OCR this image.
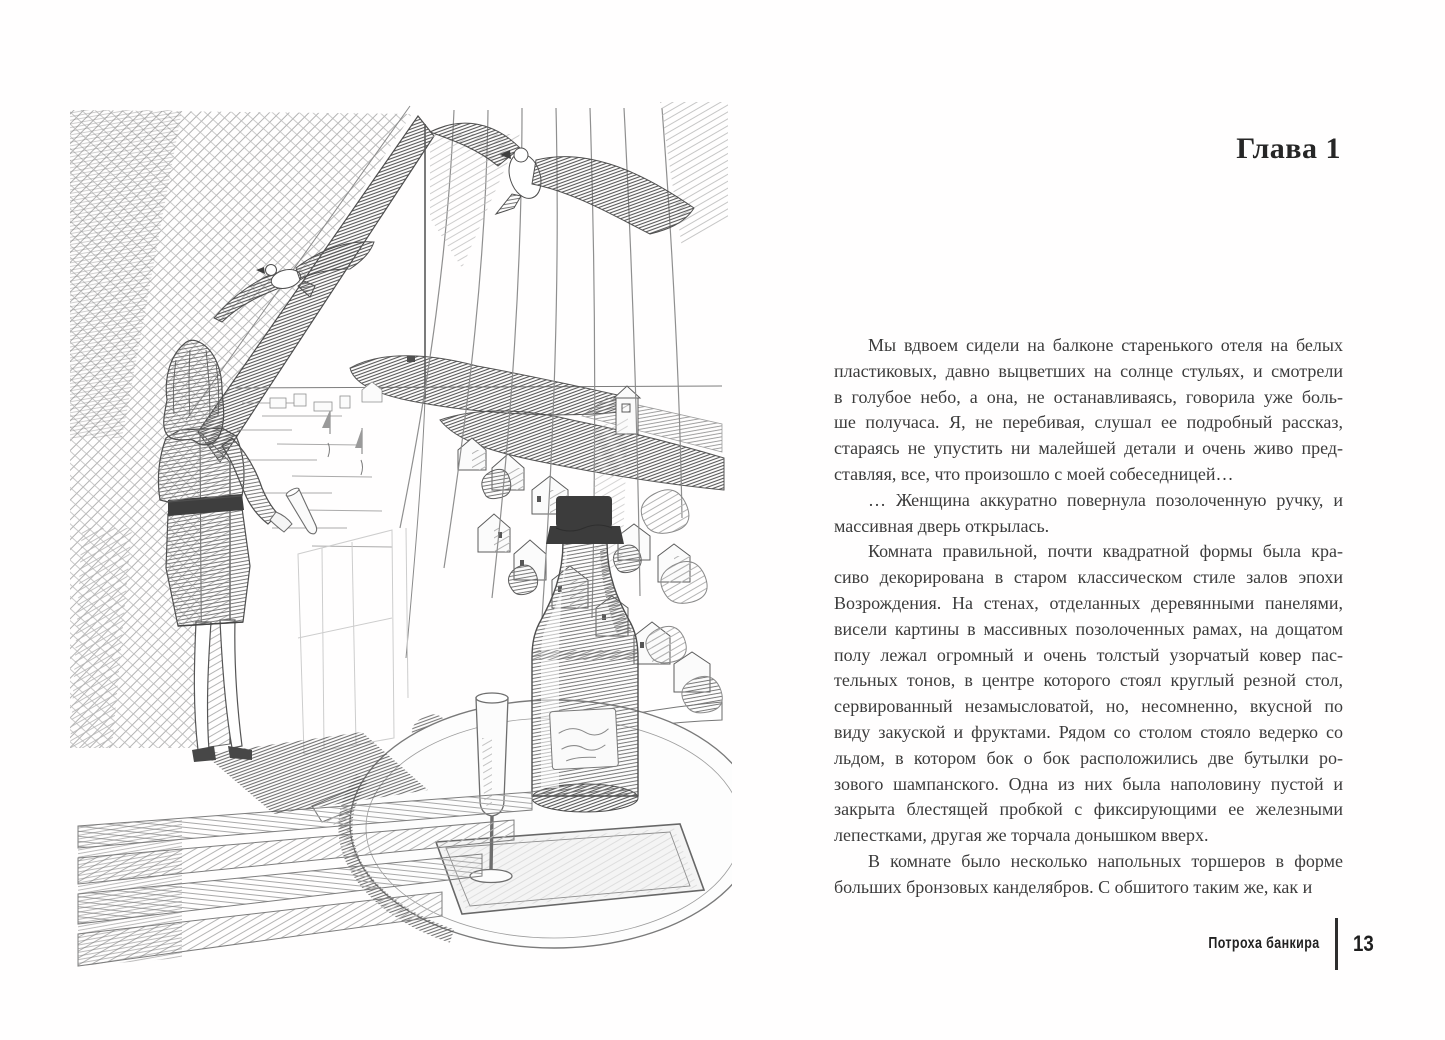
Глава 1
Мы вдвоем сидели на балконе старенького отеля на белых
пластиковых, давно выцветших на солнце стульях, и смотрели
в голубое небо, а она, не останавливаясь, говорила уже боль-
ше получаса. Я, не перебивая, слушал ее подробный рассказ,
стараясь не упустить ни малейшей детали и очень живо пред-
ставляя, все, что произошло с моей собеседницей…
… Женщина аккуратно повернула позолоченную ручку, и
массивная дверь открылась.
Комната правильной, почти квадратной формы была кра-
сиво декорирована в старом классическом стиле залов эпохи
Возрождения. На стенах, отделанных деревянными панелями,
висели картины в массивных позолоченных рамах, на дощатом
полу лежал огромный и очень толстый узорчатый ковер пас-
тельных тонов, в центре которого стоял круглый резной стол,
сервированный незамысловатой, но, несомненно, вкусной по
виду закуской и фруктами. Рядом со столом стояло ведерко со
льдом, в котором бок о бок расположились две бутылки ро-
зового шампанского. Одна из них была наполовину пустой и
закрыта блестящей пробкой с фиксирующими ее железными
лепестками, другая же торчала донышком вверх.
В комнате было несколько напольных торшеров в форме
больших бронзовых канделябров. С обшитого таким же, как и
Потроха банкира 13
